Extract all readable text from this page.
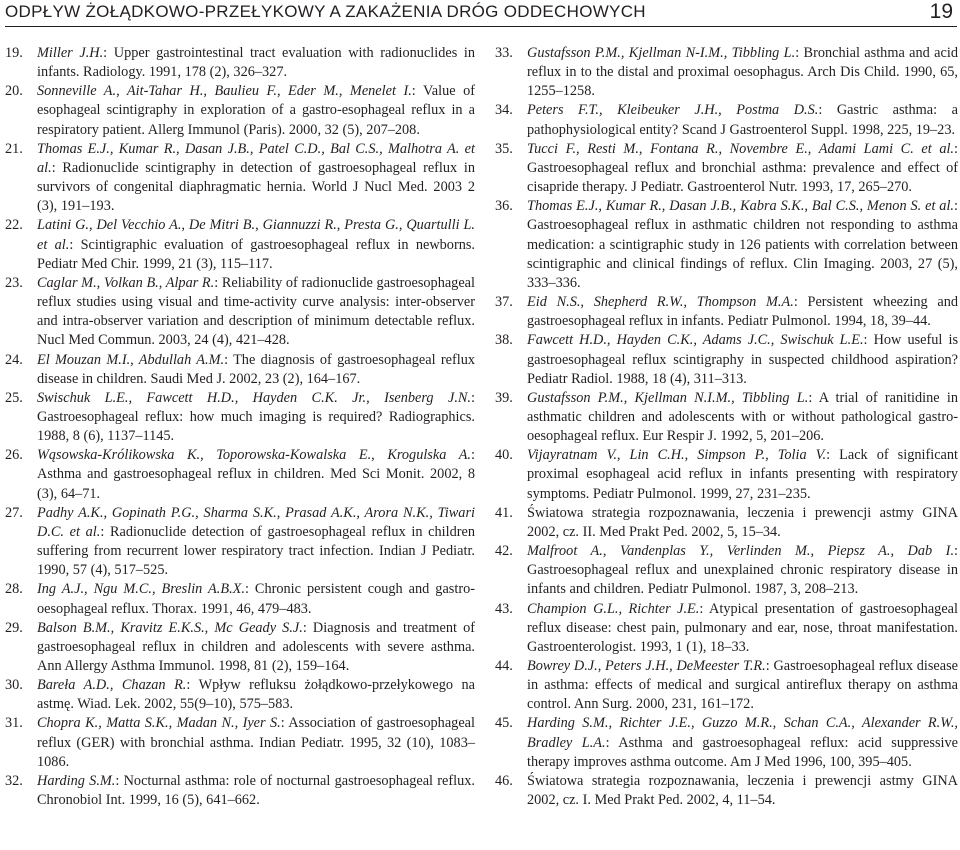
ODPŁYW ŻOŁĄDKOWO-PRZEŁYKOWY A ZAKAŻENIA DRÓG ODDECHOWYCH	19
19. Miller J.H.: Upper gastrointestinal tract evaluation with radionuclides in infants. Radiology. 1991, 178 (2), 326–327.
20. Sonneville A., Ait-Tahar H., Baulieu F., Eder M., Menelet I.: Value of esophageal scintigraphy in exploration of a gastro-esophageal reflux in a respiratory patient. Allerg Immunol (Paris). 2000, 32 (5), 207–208.
21. Thomas E.J., Kumar R., Dasan J.B., Patel C.D., Bal C.S., Malhotra A. et al.: Radionuclide scintigraphy in detection of gastroesophageal reflux in survivors of congenital diaphragmatic hernia. World J Nucl Med. 2003 2 (3), 191–193.
22. Latini G., Del Vecchio A., De Mitri B., Giannuzzi R., Presta G., Quartulli L. et al.: Scintigraphic evaluation of gastroesophageal reflux in newborns. Pediatr Med Chir. 1999, 21 (3), 115–117.
23. Caglar M., Volkan B., Alpar R.: Reliability of radionuclide gastroesophageal reflux studies using visual and time-activity curve analysis: inter-observer and intra-observer variation and description of minimum detectable reflux. Nucl Med Commun. 2003, 24 (4), 421–428.
24. El Mouzan M.I., Abdullah A.M.: The diagnosis of gastroesophageal reflux disease in children. Saudi Med J. 2002, 23 (2), 164–167.
25. Swischuk L.E., Fawcett H.D., Hayden C.K. Jr., Isenberg J.N.: Gastroesophageal reflux: how much imaging is required? Radiographics. 1988, 8 (6), 1137–1145.
26. Wąsowska-Królikowska K., Toporowska-Kowalska E., Krogulska A.: Asthma and gastroesophageal reflux in children. Med Sci Monit. 2002, 8 (3), 64–71.
27. Padhy A.K., Gopinath P.G., Sharma S.K., Prasad A.K., Arora N.K., Tiwari D.C. et al.: Radionuclide detection of gastroesophageal reflux in children suffering from recurrent lower respiratory tract infection. Indian J Pediatr. 1990, 57 (4), 517–525.
28. Ing A.J., Ngu M.C., Breslin A.B.X.: Chronic persistent cough and gastro-oesophageal reflux. Thorax. 1991, 46, 479–483.
29. Balson B.M., Kravitz E.K.S., Mc Geady S.J.: Diagnosis and treatment of gastroesophageal reflux in children and adolescents with severe asthma. Ann Allergy Asthma Immunol. 1998, 81 (2), 159–164.
30. Bareła A.D., Chazan R.: Wpływ refluksu żołądkowo-przełykowego na astmę. Wiad. Lek. 2002, 55(9–10), 575–583.
31. Chopra K., Matta S.K., Madan N., Iyer S.: Association of gastroesophageal reflux (GER) with bronchial asthma. Indian Pediatr. 1995, 32 (10), 1083–1086.
32. Harding S.M.: Nocturnal asthma: role of nocturnal gastroesophageal reflux. Chronobiol Int. 1999, 16 (5), 641–662.
33. Gustafsson P.M., Kjellman N-I.M., Tibbling L.: Bronchial asthma and acid reflux in to the distal and proximal oesophagus. Arch Dis Child. 1990, 65, 1255–1258.
34. Peters F.T., Kleibeuker J.H., Postma D.S.: Gastric asthma: a pathophysiological entity? Scand J Gastroenterol Suppl. 1998, 225, 19–23.
35. Tucci F., Resti M., Fontana R., Novembre E., Adami Lami C. et al.: Gastroesophageal reflux and bronchial asthma: prevalence and effect of cisapride therapy. J Pediatr. Gastroenterol Nutr. 1993, 17, 265–270.
36. Thomas E.J., Kumar R., Dasan J.B., Kabra S.K., Bal C.S., Menon S. et al.: Gastroesophageal reflux in asthmatic children not responding to asthma medication: a scintigraphic study in 126 patients with correlation between scintigraphic and clinical findings of reflux. Clin Imaging. 2003, 27 (5), 333–336.
37. Eid N.S., Shepherd R.W., Thompson M.A.: Persistent wheezing and gastroesophageal reflux in infants. Pediatr Pulmonol. 1994, 18, 39–44.
38. Fawcett H.D., Hayden C.K., Adams J.C., Swischuk L.E.: How useful is gastroesophageal reflux scintigraphy in suspected childhood aspiration? Pediatr Radiol. 1988, 18 (4), 311–313.
39. Gustafsson P.M., Kjellman N.I.M., Tibbling L.: A trial of ranitidine in asthmatic children and adolescents with or without pathological gastro-oesophageal reflux. Eur Respir J. 1992, 5, 201–206.
40. Vijayratnam V., Lin C.H., Simpson P., Tolia V.: Lack of significant proximal esophageal acid reflux in infants presenting with respiratory symptoms. Pediatr Pulmonol. 1999, 27, 231–235.
41. Światowa strategia rozpoznawania, leczenia i prewencji astmy GINA 2002, cz. II. Med Prakt Ped. 2002, 5, 15–34.
42. Malfroot A., Vandenplas Y., Verlinden M., Piepsz A., Dab I.: Gastroesophageal reflux and unexplained chronic respiratory disease in infants and children. Pediatr Pulmonol. 1987, 3, 208–213.
43. Champion G.L., Richter J.E.: Atypical presentation of gastroesophageal reflux disease: chest pain, pulmonary and ear, nose, throat manifestation. Gastroenterologist. 1993, 1 (1), 18–33.
44. Bowrey D.J., Peters J.H., DeMeester T.R.: Gastroesophageal reflux disease in asthma: effects of medical and surgical antireflux therapy on asthma control. Ann Surg. 2000, 231, 161–172.
45. Harding S.M., Richter J.E., Guzzo M.R., Schan C.A., Alexander R.W., Bradley L.A.: Asthma and gastroesophageal reflux: acid suppressive therapy improves asthma outcome. Am J Med 1996, 100, 395–405.
46. Światowa strategia rozpoznawania, leczenia i prewencji astmy GINA 2002, cz. I. Med Prakt Ped. 2002, 4, 11–54.
